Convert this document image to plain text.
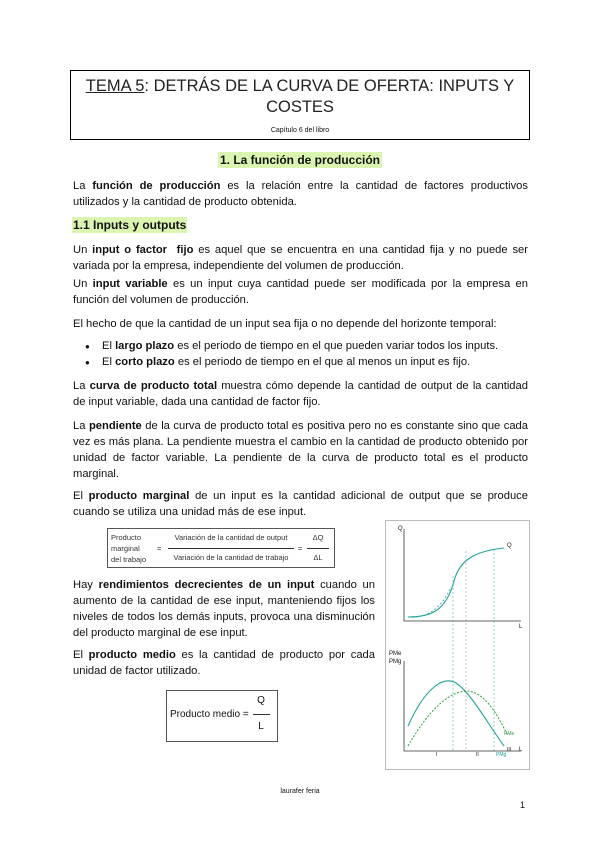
TEMA 5: DETRÁS DE LA CURVA DE OFERTA: INPUTS Y
COSTES
Capítulo 6 del libro
1. La función de producción
La función de producción es la relación entre la cantidad de factores productivos utilizados y la cantidad de producto obtenida.
1.1 Inputs y outputs
Un input o factor  fijo es aquel que se encuentra en una cantidad fija y no puede ser variada por la empresa, independiente del volumen de producción.
Un input variable es un input cuya cantidad puede ser modificada por la empresa en función del volumen de producción.
El hecho de que la cantidad de un input sea fija o no depende del horizonte temporal:
● El largo plazo es el periodo de tiempo en el que pueden variar todos los inputs.
● El corto plazo es el periodo de tiempo en el que al menos un input es fijo.
La curva de producto total muestra cómo depende la cantidad de output de la cantidad de input variable, dada una cantidad de factor fijo.
La pendiente de la curva de producto total es positiva pero no es constante sino que cada vez es más plana. La pendiente muestra el cambio en la cantidad de producto obtenido por unidad de factor variable. La pendiente de la curva de producto total es el producto marginal.
El producto marginal de un input es la cantidad adicional de output que se produce cuando se utiliza una unidad más de ese input.
Producto
marginal
del trabajo
=
Variación de la cantidad de output
Variación de la cantidad de trabajo
=
ΔQ
ΔL
Hay rendimientos decrecientes de un input cuando un aumento de la cantidad de ese input, manteniendo fijos los niveles de todos los demás inputs, provoca una disminución del producto marginal de ese input.
El producto medio es la cantidad de producto por cada unidad de factor utilizado.
Producto medio =
Q
L
Q
Q
L
PMe
PMg
PMe
PMg
I	II
III L
laurafer feria
1
